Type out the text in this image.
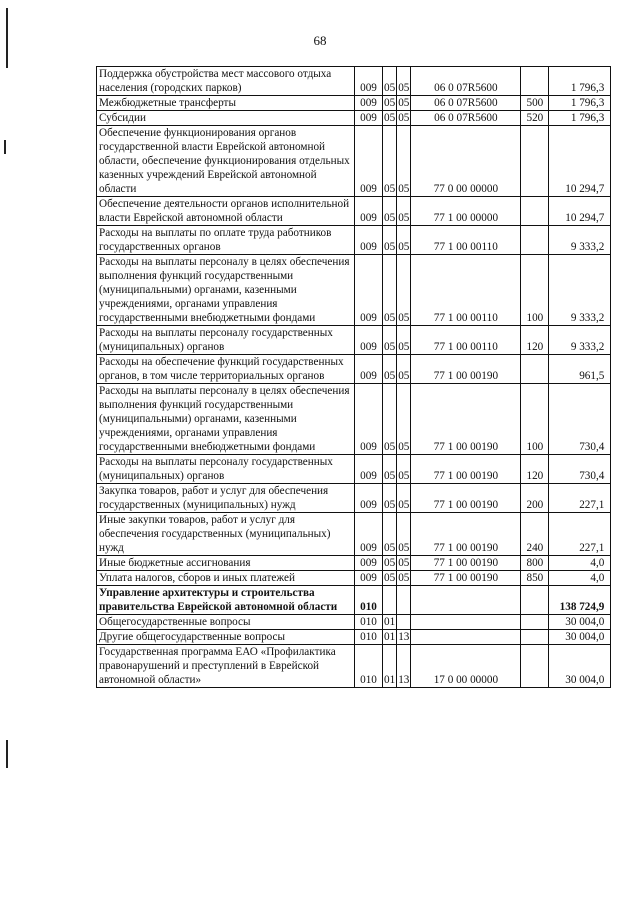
68
Поддержка обустройства мест массового отдыха населения (городских парков)	009	05	05	06 0 07R5600		1 796,3
Межбюджетные трансферты	009	05	05	06 0 07R5600	500	1 796,3
Субсидии	009	05	05	06 0 07R5600	520	1 796,3
Обеспечение функционирования органов государственной власти Еврейской автономной области, обеспечение функционирования отдельных казенных учреждений Еврейской автономной области	009	05	05	77 0 00 00000		10 294,7
Обеспечение деятельности органов исполнительной власти Еврейской автономной области	009	05	05	77 1 00 00000		10 294,7
Расходы на выплаты по оплате труда работников государственных органов	009	05	05	77 1 00 00110		9 333,2
Расходы на выплаты персоналу в целях обеспечения выполнения функций государственными (муниципальными) органами, казенными учреждениями, органами управления государственными внебюджетными фондами	009	05	05	77 1 00 00110	100	9 333,2
Расходы на выплаты персоналу государственных (муниципальных) органов	009	05	05	77 1 00 00110	120	9 333,2
Расходы на обеспечение функций государственных органов, в том числе территориальных органов	009	05	05	77 1 00 00190		961,5
Расходы на выплаты персоналу в целях обеспечения выполнения функций государственными (муниципальными) органами, казенными учреждениями, органами управления государственными внебюджетными фондами	009	05	05	77 1 00 00190	100	730,4
Расходы на выплаты персоналу государственных (муниципальных) органов	009	05	05	77 1 00 00190	120	730,4
Закупка товаров, работ и услуг для обеспечения государственных (муниципальных) нужд	009	05	05	77 1 00 00190	200	227,1
Иные закупки товаров, работ и услуг для обеспечения государственных (муниципальных) нужд	009	05	05	77 1 00 00190	240	227,1
Иные бюджетные ассигнования	009	05	05	77 1 00 00190	800	4,0
Уплата налогов, сборов и иных платежей	009	05	05	77 1 00 00190	850	4,0
Управление архитектуры и строительства правительства Еврейской автономной области	010					138 724,9
Общегосударственные вопросы	010	01				30 004,0
Другие общегосударственные вопросы	010	01	13			30 004,0
Государственная программа ЕАО «Профилактика правонарушений и преступлений в Еврейской автономной области»	010	01	13	17 0 00 00000		30 004,0
